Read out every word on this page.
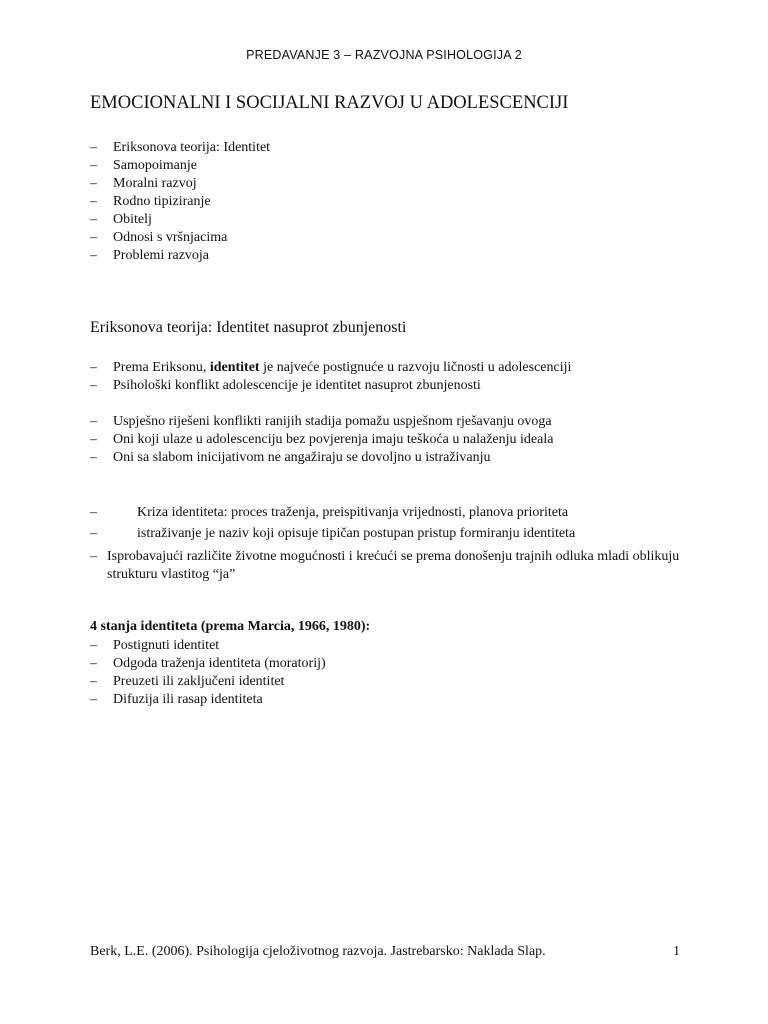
PREDAVANJE 3 – RAZVOJNA PSIHOLOGIJA 2
EMOCIONALNI I SOCIJALNI RAZVOJ U ADOLESCENCIJI
– Eriksonova teorija: Identitet
– Samopoimanje
– Moralni razvoj
– Rodno tipiziranje
– Obitelj
– Odnosi s vršnjacima
– Problemi razvoja
Eriksonova teorija: Identitet nasuprot zbunjenosti
– Prema Eriksonu, identitet je najveće postignuće u razvoju ličnosti u adolescenciji
– Psihološki konflikt adolescencije je identitet nasuprot zbunjenosti
– Uspješno riješeni konflikti ranijih stadija pomažu uspješnom rješavanju ovoga
– Oni koji ulaze u adolescenciju bez povjerenja imaju teškoća u nalaženju ideala
– Oni sa slabom inicijativom ne angažiraju se dovoljno u istraživanju
–	Kriza identiteta: proces traženja, preispitivanja vrijednosti, planova prioriteta
–	istraživanje je naziv koji opisuje tipičan postupan pristup formiranju identiteta
– Isprobavajući različite životne mogućnosti i krećući se prema donošenju trajnih odluka mladi oblikuju strukturu vlastitog “ja”
4 stanja identiteta (prema Marcia, 1966, 1980):
– Postignuti identitet
– Odgoda traženja identiteta (moratorij)
– Preuzeti ili zaključeni identitet
– Difuzija ili rasap identiteta
Berk, L.E. (2006). Psihologija cjeloživotnog razvoja. Jastrebarsko: Naklada Slap.	1
